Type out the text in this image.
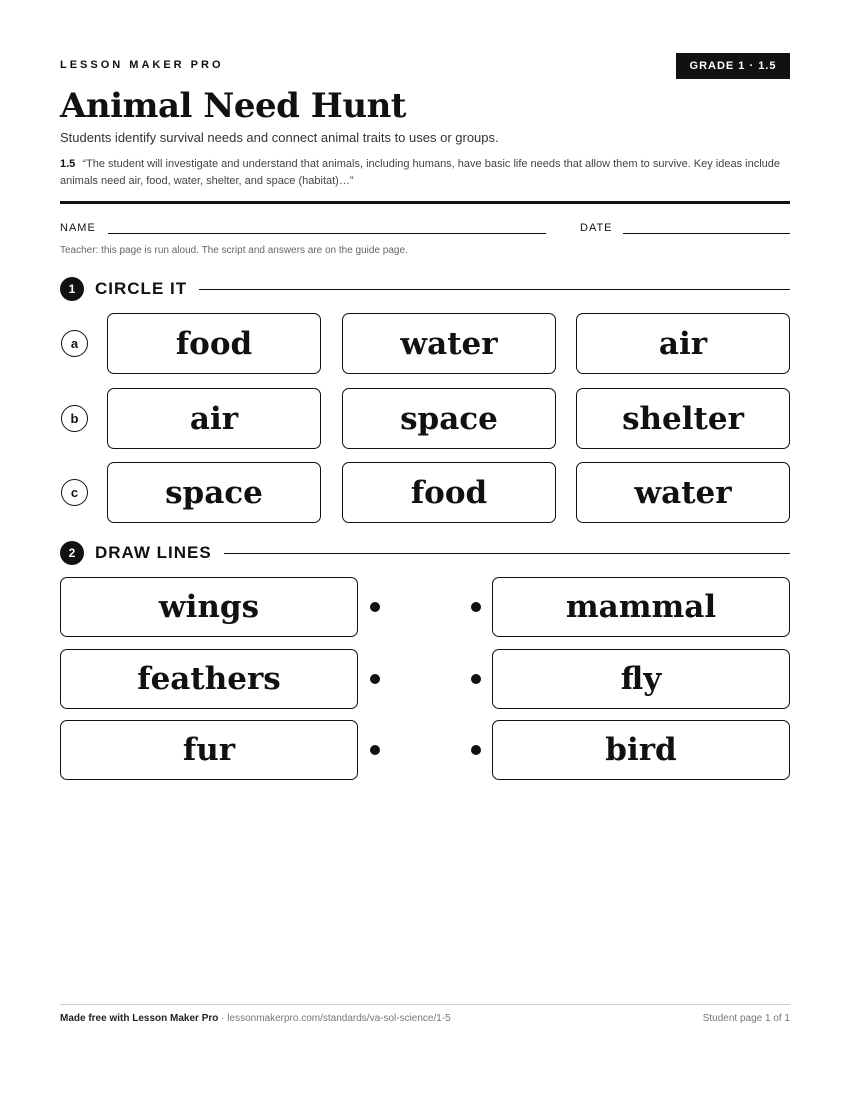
LESSON MAKER PRO	GRADE 1 · 1.5
Animal Need Hunt
Students identify survival needs and connect animal traits to uses or groups.
1.5 “The student will investigate and understand that animals, including humans, have basic life needs that allow them to survive. Key ideas include animals need air, food, water, shelter, and space (habitat)…”
NAME	DATE
Teacher: this page is run aloud. The script and answers are on the guide page.
1	CIRCLE IT
a	food	water	air
b	air	space	shelter
c	space	food	water
2	DRAW LINES
wings	mammal
feathers	fly
fur	bird
Made free with Lesson Maker Pro · lessonmakerpro.com/standards/va-sol-science/1-5	Student page 1 of 1
